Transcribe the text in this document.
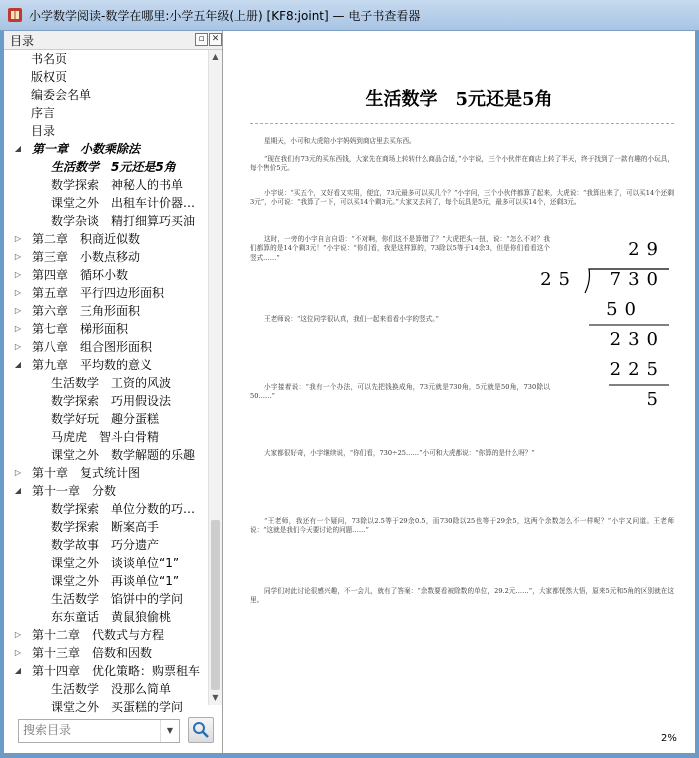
小学数学阅读-数学在哪里:小学五年级(上册) [KF8:joint] — 电子书查看器
目录	▫ ✕
书名页
版权页
编委会名单
序言
目录
◢ 第一章　小数乘除法
生活数学　5元还是5角
数学探索　神秘人的书单
课堂之外　出租车计价器…
数学杂谈　精打细算巧买油
▷ 第二章　积商近似数
▷ 第三章　小数点移动
▷ 第四章　循环小数
▷ 第五章　平行四边形面积
▷ 第六章　三角形面积
▷ 第七章　梯形面积
▷ 第八章　组合图形面积
◢ 第九章　平均数的意义
生活数学　工资的风波
数学探索　巧用假设法
数学好玩　趣分蛋糕
马虎虎　智斗白骨精
课堂之外　数学解题的乐趣
▷ 第十章　复式统计图
◢ 第十一章　分数
数学探索　单位分数的巧…
数学探索　断案高手
数学故事　巧分遗产
课堂之外　谈谈单位“1”
课堂之外　再谈单位“1”
生活数学　馅饼中的学问
东东童话　黄鼠狼偷桃
▷ 第十二章　代数式与方程
▷ 第十三章　倍数和因数
◢ 第十四章　优化策略：购票租车
生活数学　没那么简单
课堂之外　买蛋糕的学问
▲
▼
搜索目录
▼
生活数学　5元还是5角
星期天，小可和大虎陪小宇妈妈到商店里去买东西。
“现在我们有73元的买东西钱，大家先在商场上转转什么商品合适，”小宇说，三个小伙伴在商店上转了半天，终于找到了一款有趣的小玩具，每个售价5元。
小宇说：“买五个，又好看又实用，便宜，73元最多可以买几个？”小宇问，三个小伙伴都算了起来，大虎说：“我算出来了，可以买14个还剩3元”，小可说：“我算了一下，可以买14个剩3元。”大家又去问了，每个玩具是5元，最多可以买14个，还剩3元。
这时，一旁的小宇自言自语：“不对啊，你们这不是算错了？”大虎把头一扭，说：“怎么不对？我们都算的是14个剩3元！”小宇说：“你们看，我是这样算的，73除以5等于14余3，但是你们看看这个竖式……”
王老师说：“这位同学很认真，我们一起来看看小宇的竖式。”
小宇接着说：“我有一个办法，可以先把钱换成角，73元就是730角，5元就是50角，730除以50……”
大家都很好奇，小宇继续说，“你们看，730÷25……”小可和大虎都说：“你算的是什么呀？”
“王老师，我还有一个疑问，73除以2.5等于29余0.5，而730除以25也等于29余5，这两个余数怎么不一样呢？”小宇又问道。王老师说：“这就是我们今天要讨论的问题……”
同学们对此讨论很感兴趣，不一会儿，就有了答案：“余数要看被除数的单位，29.2元……”，大家都恍然大悟，原来5元和5角的区别就在这里。
29
25	730
50
230
225
5
2%
